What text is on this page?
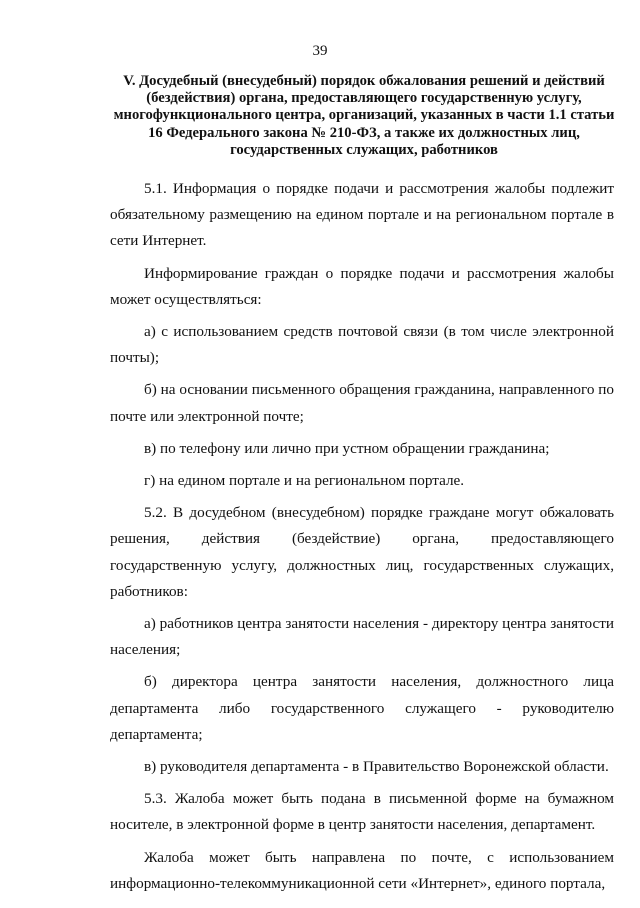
39
V. Досудебный (внесудебный) порядок обжалования решений и действий (бездействия) органа, предоставляющего государственную услугу, многофункционального центра, организаций, указанных в части 1.1 статьи 16 Федерального закона № 210-ФЗ, а также их должностных лиц, государственных служащих, работников

5.1. Информация о порядке подачи и рассмотрения жалобы подлежит обязательному размещению на едином портале и на региональном портале в сети Интернет.

Информирование граждан о порядке подачи и рассмотрения жалобы может осуществляться:

а) с использованием средств почтовой связи (в том числе электронной почты);

б) на основании письменного обращения гражданина, направленного по почте или электронной почте;

в) по телефону или лично при устном обращении гражданина;

г) на едином портале и на региональном портале.

5.2. В досудебном (внесудебном) порядке граждане могут обжаловать решения, действия (бездействие) органа, предоставляющего государственную услугу, должностных лиц, государственных служащих, работников:

а) работников центра занятости населения - директору центра занятости населения;

б) директора центра занятости населения, должностного лица департамента либо государственного служащего - руководителю департамента;

в) руководителя департамента - в Правительство Воронежской области.

5.3. Жалоба может быть подана в письменной форме на бумажном носителе, в электронной форме в центр занятости населения, департамент.

Жалоба может быть направлена по почте, с использованием информационно-телекоммуникационной сети «Интернет», единого портала,
